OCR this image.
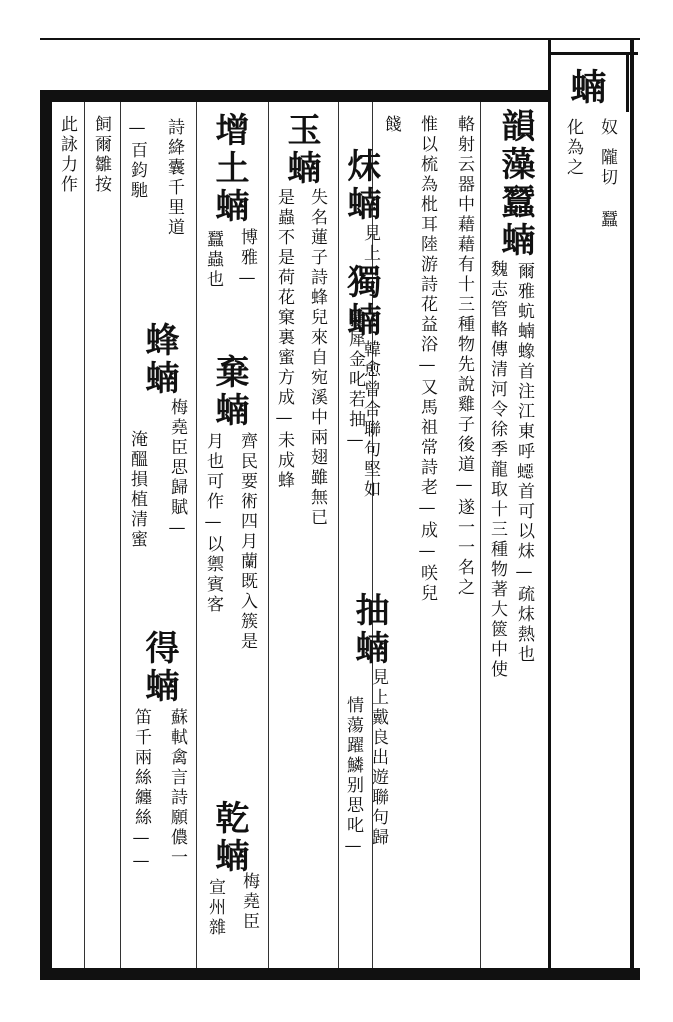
蝻
奴
隴切
蠶
化為之
韻藻蠶蝻
爾雅蚢蝻蟓首注江東呼𧑕首可以㶬—疏㶬熱也
魏志管輅傳清河令徐季龍取十三種物著大篋中使
輅射云器中藉藉有十三種物先說雞子後道—遂一一名之
惟以梳為枇耳陸游詩花益浴—又馬祖常詩老—成—咲兒
餞
㶬蝻
見上
獨蝻
韓愈曾合聯句堅如
撞犀金叱若抽—
抽蝻
見上戴良出遊聯句歸
情蕩躍鱗别思叱—
玉蝻
失名蓮子詩蜂兒來自宛溪中兩翅雖無已
是蟲不是荷花窠裏蜜方成—未成蜂
增土蝻
博雅—
棄蝻
齊民要術四月蘭既入簇是
蠶蟲也
月也可作—以禦賓客
乾蝻
梅堯臣
宣州雜
詩絳囊千里道
蜂蝻
梅堯臣思歸賦—
得蝻
蘇軾禽言詩願儂一
—百鈞馳
淹醞損植清蜜
笛千兩絲纏絲——
飼爾雛按
此詠力作
